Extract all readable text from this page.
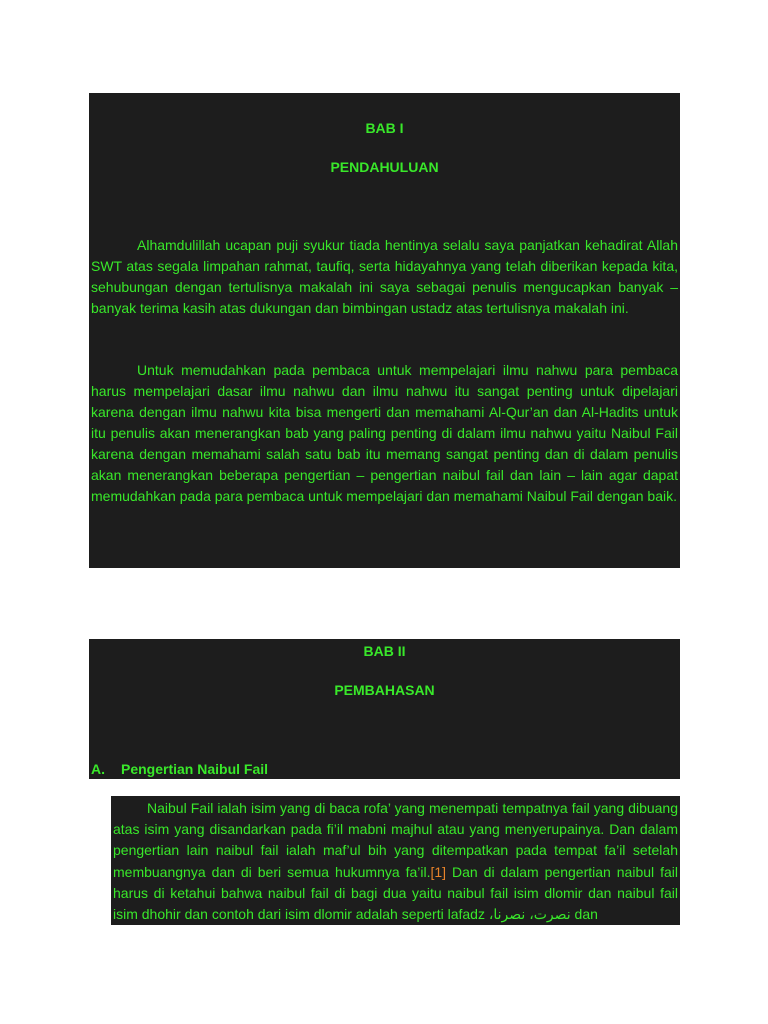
BAB I
PENDAHULUAN

Alhamdulillah ucapan puji syukur tiada hentinya selalu saya panjatkan kehadirat Allah SWT atas segala limpahan rahmat, taufiq, serta hidayahnya yang telah diberikan kepada kita, sehubungan dengan tertulisnya makalah ini saya sebagai penulis mengucapkan banyak – banyak terima kasih atas dukungan dan bimbingan ustadz atas tertulisnya makalah ini.

Untuk memudahkan pada pembaca untuk mempelajari ilmu nahwu para pembaca harus mempelajari dasar ilmu nahwu dan ilmu nahwu itu sangat penting untuk dipelajari karena dengan ilmu nahwu kita bisa mengerti dan memahami Al-Qur’an dan Al-Hadits untuk itu penulis akan menerangkan bab yang paling penting di dalam ilmu nahwu yaitu Naibul Fail karena dengan memahami salah satu bab itu memang sangat penting dan di dalam penulis akan menerangkan beberapa pengertian – pengertian naibul fail dan lain – lain agar dapat memudahkan pada para pembaca untuk mempelajari dan memahami Naibul Fail dengan baik.

BAB II
PEMBAHASAN
A. Pengertian Naibul Fail

Naibul Fail ialah isim yang di baca rofa’ yang menempati tempatnya fail yang dibuang atas isim yang disandarkan pada fi’il mabni majhul atau yang menyerupainya. Dan dalam pengertian lain naibul fail ialah maf’ul bih yang ditempatkan pada tempat fa’il setelah membuangnya dan di beri semua hukumnya fa’il.[1] Dan di dalam pengertian naibul fail harus di ketahui bahwa naibul fail di bagi dua yaitu naibul fail isim dlomir dan naibul fail isim dhohir dan contoh dari isim dlomir adalah seperti lafadz نصرت، نصرنا، dan
